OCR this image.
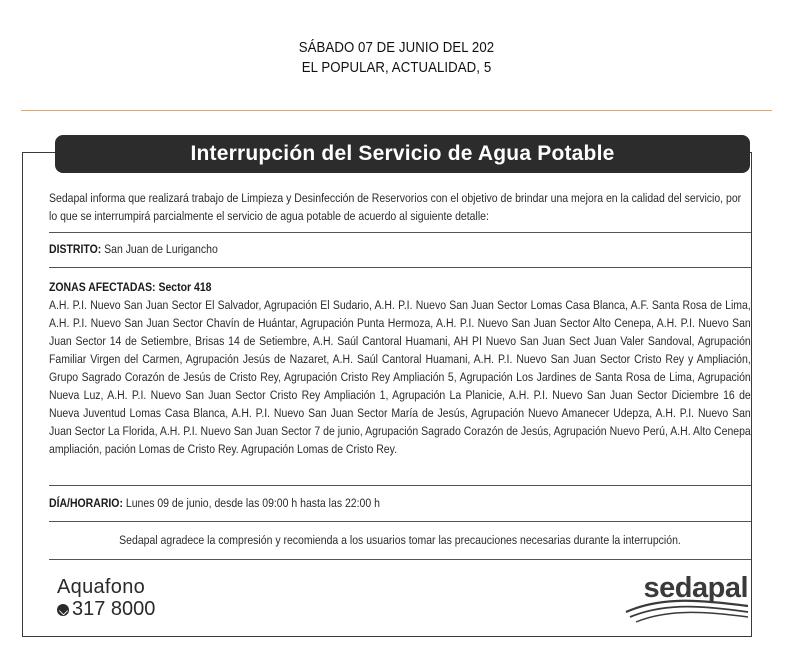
SÁBADO 07 DE JUNIO DEL 202
EL POPULAR, ACTUALIDAD, 5
Interrupción del Servicio de Agua Potable
Sedapal informa que realizará trabajo de Limpieza y Desinfección de Reservorios con el objetivo de brindar una mejora en la calidad del servicio, por lo que se interrumpirá parcialmente el servicio de agua potable de acuerdo al siguiente detalle:
DISTRITO: San Juan de Lurigancho
ZONAS AFECTADAS: Sector 418
A.H. P.I. Nuevo San Juan Sector El Salvador, Agrupación El Sudario, A.H. P.I. Nuevo San Juan Sector Lomas Casa Blanca, A.F. Santa Rosa de Lima, A.H. P.I. Nuevo San Juan Sector Chavín de Huántar, Agrupación Punta Hermoza, A.H. P.I. Nuevo San Juan Sector Alto Cenepa, A.H. P.I. Nuevo San Juan Sector 14 de Setiembre, Brisas 14 de Setiembre, A.H. Saúl Cantoral Huamani, AH PI Nuevo San Juan Sect Juan Valer Sandoval, Agrupación Familiar Virgen del Carmen, Agrupación Jesús de Nazaret, A.H. Saúl Cantoral Huamani, A.H. P.I. Nuevo San Juan Sector Cristo Rey y Ampliación, Grupo Sagrado Corazón de Jesús de Cristo Rey, Agrupación Cristo Rey Ampliación 5, Agrupación Los Jardines de Santa Rosa de Lima, Agrupación Nueva Luz, A.H. P.I. Nuevo San Juan Sector Cristo Rey Ampliación 1, Agrupación La Planicie, A.H. P.I. Nuevo San Juan Sector Diciembre 16 de Nueva Juventud Lomas Casa Blanca, A.H. P.I. Nuevo San Juan Sector María de Jesús, Agrupación Nuevo Amanecer Udepza, A.H. P.I. Nuevo San Juan Sector La Florida, A.H. P.I. Nuevo San Juan Sector 7 de junio, Agrupación Sagrado Corazón de Jesús, Agrupación Nuevo Perú, A.H. Alto Cenepa ampliación, pación Lomas de Cristo Rey. Agrupación Lomas de Cristo Rey.
DÍA/HORARIO: Lunes 09 de junio, desde las 09:00 h hasta las 22:00 h
Sedapal agradece la compresión y recomienda a los usuarios tomar las precauciones necesarias durante la interrupción.
Aquafono
317 8000
sedapal
